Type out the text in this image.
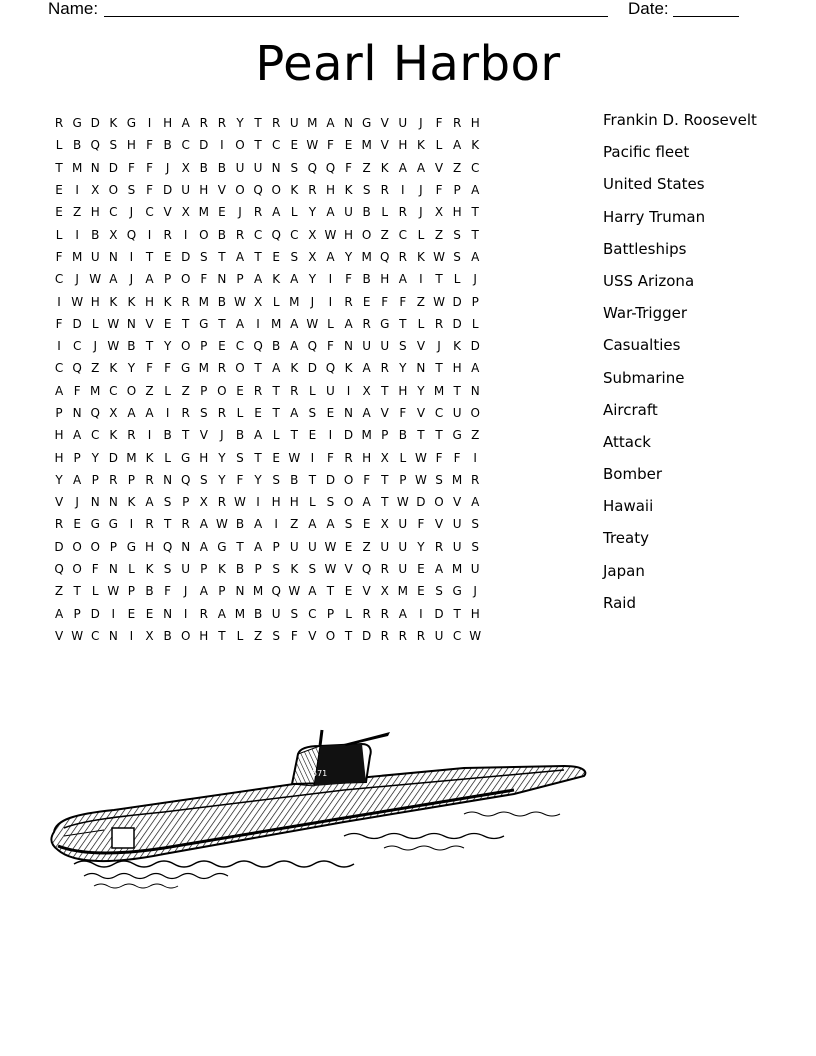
Name:	Date:
Pearl Harbor
R G D K G I H A R R Y T R U M A N G V U J	F R H
L B Q S H F B C D I O T C E W F E M V H K L A K
T M N D F F	J	X B B U U N S Q Q F Z K A A V Z C
E	I	X O S F D U H V O Q O K R H K S R	I	J	F P A
E Z H C	J	C V X M E	J	R A L Y A U B L R	J	X H T
L	I	B X Q I	R	I O B R C Q C X W H O Z C L Z S T
F M U N I	T E D S T A T E S X A Y M Q R K W S A
C	J W A	J	A P O F N P A K A Y	I	F B H A	I	T L	J
I W H K K H K R M B W X L M J	I	R E F F Z W D P
F D L W N V E T G T A	I M A W L A R G T L R D L
I	C	J W B T Y O P E C Q B A Q F N U U S V	J	K D
C Q Z K Y F F G M R O T A K D Q K A R Y N T H A
A F M C O Z L Z P O E R T R L U I	X T H Y M T N
P N Q X A A	I	R S R L E T A S E N A V F V C U O
H A C K R	I	B T V	J	B A L T E	I D M P B T T G Z
H P Y D M K L G H Y S T E W I	F R H X L W F F	I
Y A P R P R N Q S Y F Y S B T D O F T P W S M R
V	J N N K A S P X R W I H H L S O A T W D O V A
R E G G I	R T R A W B A	I	Z A A S E X U F V U S
D O O P G H Q N A G T A P U U W E Z U U Y R U S
Q O F N L K S U P K B P S K S W V Q R U E A M U
Z T L W P B F	J	A P N M Q W A T E V X M E S G J
A P D I	E E N I	R A M B U S C P L R R A	I D T H
V W C N I	X B O H T L Z S F V O T D R R R U C W
Frankin D. Roosevelt
Pacific fleet
United States
Harry Truman
Battleships
USS Arizona
War-Trigger
Casualties
Submarine
Aircraft
Attack
Bomber
Hawaii
Treaty
Japan
Raid
571
